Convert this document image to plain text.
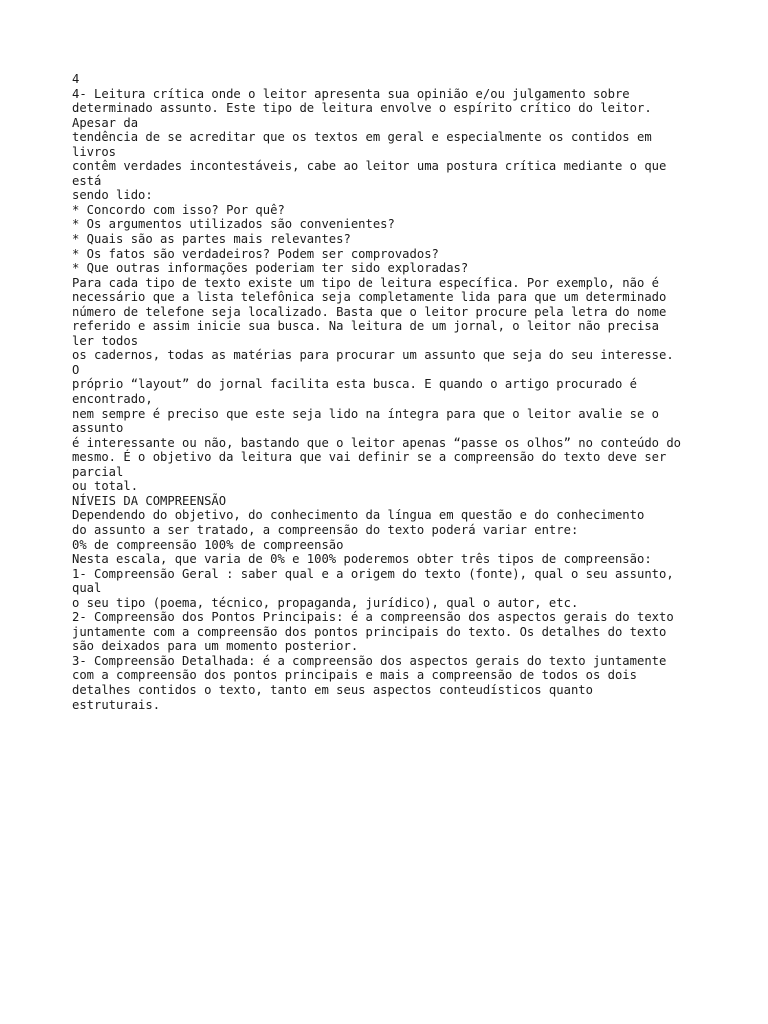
4
4- Leitura crítica onde o leitor apresenta sua opinião e/ou julgamento sobre
determinado assunto. Este tipo de leitura envolve o espírito crítico do leitor.
Apesar da
tendência de se acreditar que os textos em geral e especialmente os contidos em
livros
contêm verdades incontestáveis, cabe ao leitor uma postura crítica mediante o que
está
sendo lido:
* Concordo com isso? Por quê?
* Os argumentos utilizados são convenientes?
* Quais são as partes mais relevantes?
* Os fatos são verdadeiros? Podem ser comprovados?
* Que outras informações poderiam ter sido exploradas?
Para cada tipo de texto existe um tipo de leitura específica. Por exemplo, não é
necessário que a lista telefônica seja completamente lida para que um determinado
número de telefone seja localizado. Basta que o leitor procure pela letra do nome
referido e assim inicie sua busca. Na leitura de um jornal, o leitor não precisa
ler todos
os cadernos, todas as matérias para procurar um assunto que seja do seu interesse.
O
próprio “layout” do jornal facilita esta busca. E quando o artigo procurado é
encontrado,
nem sempre é preciso que este seja lido na íntegra para que o leitor avalie se o
assunto
é interessante ou não, bastando que o leitor apenas “passe os olhos” no conteúdo do
mesmo. É o objetivo da leitura que vai definir se a compreensão do texto deve ser
parcial
ou total.
NÍVEIS DA COMPREENSÃO
Dependendo do objetivo, do conhecimento da língua em questão e do conhecimento
do assunto a ser tratado, a compreensão do texto poderá variar entre:
0% de compreensão 100% de compreensão
Nesta escala, que varia de 0% e 100% poderemos obter três tipos de compreensão:
1- Compreensão Geral : saber qual e a origem do texto (fonte), qual o seu assunto,
qual
o seu tipo (poema, técnico, propaganda, jurídico), qual o autor, etc.
2- Compreensão dos Pontos Principais: é a compreensão dos aspectos gerais do texto
juntamente com a compreensão dos pontos principais do texto. Os detalhes do texto
são deixados para um momento posterior.
3- Compreensão Detalhada: é a compreensão dos aspectos gerais do texto juntamente
com a compreensão dos pontos principais e mais a compreensão de todos os dois
detalhes contidos o texto, tanto em seus aspectos conteudísticos quanto
estruturais.
